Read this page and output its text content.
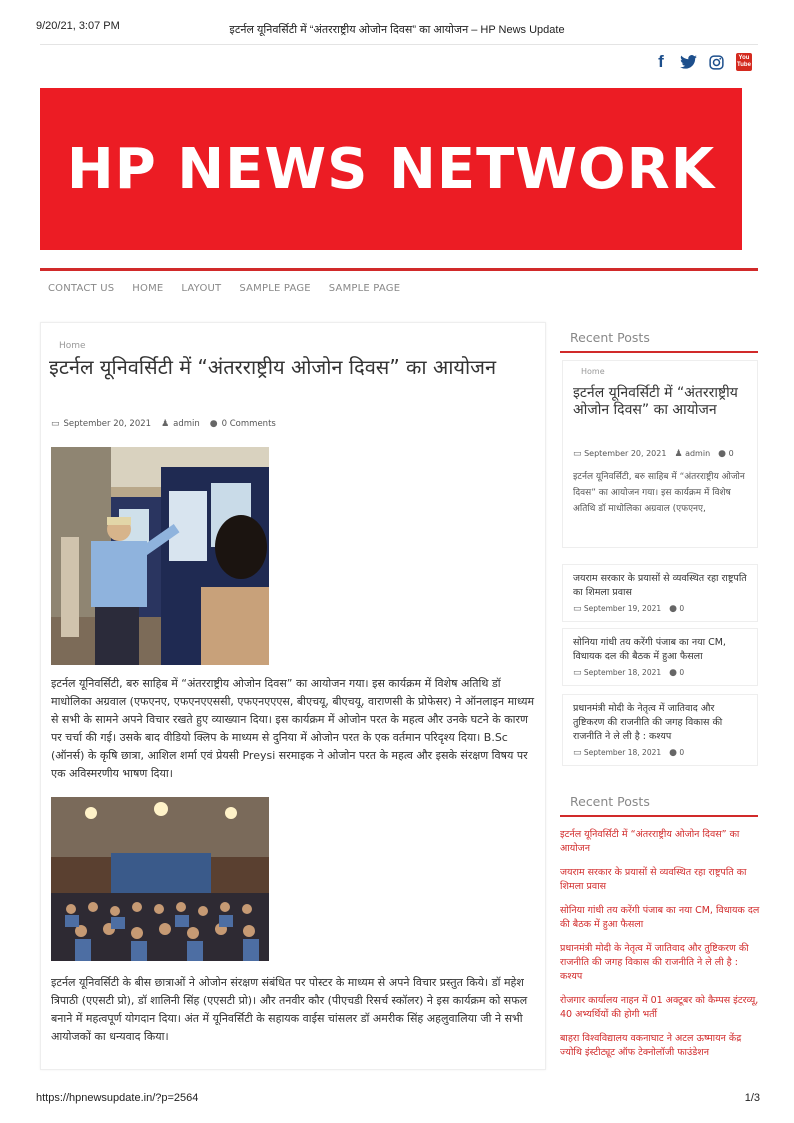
9/20/21, 3:07 PM	इटर्नल यूनिवर्सिटी में “अंतरराष्ट्रीय ओजोन दिवस” का आयोजन – HP News Update
f	You
Tube
HP NEWS NETWORK
CONTACT US HOME LAYOUT SAMPLE PAGE SAMPLE PAGE
Home
इटर्नल यूनिवर्सिटी में “अंतरराष्ट्रीय ओजोन दिवस” का आयोजन
▭ September 20, 2021 ♟ admin ● 0 Comments

इटर्नल यूनिवर्सिटी, बरु साहिब में “अंतरराष्ट्रीय ओजोन दिवस” का आयोजन गया। इस कार्यक्रम में विशेष अतिथि डॉ माधोलिका अग्रवाल (एफएनए, एफएनएएससी, एफएनएएएस, बीएचयू, बीएचयू, वाराणसी के प्रोफेसर) ने ऑनलाइन माध्यम से सभी के सामने अपने विचार रखते हुए व्याख्यान दिया। इस कार्यक्रम में ओजोन परत के महत्व और उनके घटने के कारण पर चर्चा की गई। उसके बाद वीडियो क्लिप के माध्यम से दुनिया में ओजोन परत के एक वर्तमान परिदृश्य दिया। B.Sc (ऑनर्स) के कृषि छात्रा, आशिल शर्मा एवं प्रेयसी Preysi सरमाइक ने ओजोन परत के महत्व और इसके संरक्षण विषय पर एक अविस्मरणीय भाषण दिया।

इटर्नल यूनिवर्सिटी के बीस छात्राओं ने ओजोन संरक्षण संबंधित पर पोस्टर के माध्यम से अपने विचार प्रस्तुत किये। डॉ महेश त्रिपाठी (एएसटी प्रो), डॉ शालिनी सिंह (एएसटी प्रो)। और तनवीर कौर (पीएचडी रिसर्च स्कॉलर) ने इस कार्यक्रम को सफल बनाने में महत्वपूर्ण योगदान दिया। अंत में यूनिवर्सिटी के सहायक वाईस चांसलर डॉ अमरीक सिंह अहलुवालिया जी ने सभी आयोजकों का धन्यवाद किया।

Recent Posts
Home
इटर्नल यूनिवर्सिटी में “अंतरराष्ट्रीय ओजोन दिवस” का आयोजन
▭ September 20, 2021 ♟ admin ● 0
इटर्नल यूनिवर्सिटी, बरु साहिब में “अंतरराष्ट्रीय ओजोन दिवस” का आयोजन गया। इस कार्यक्रम में विशेष अतिथि डॉ माधोलिका अग्रवाल (एफएनए,
जयराम सरकार के प्रयासों से व्यवस्थित रहा राष्ट्रपति का शिमला प्रवास
▭ September 19, 2021 ● 0
सोनिया गांधी तय करेंगी पंजाब का नया CM, विधायक दल की बैठक में हुआ फैसला
▭ September 18, 2021 ● 0
प्रधानमंत्री मोदी के नेतृत्व में जातिवाद और तुष्टिकरण की राजनीति की जगह विकास की राजनीति ने ले ली है : कश्यप
▭ September 18, 2021 ● 0
Recent Posts
इटर्नल यूनिवर्सिटी में “अंतरराष्ट्रीय ओजोन दिवस” का आयोजन
जयराम सरकार के प्रयासों से व्यवस्थित रहा राष्ट्रपति का शिमला प्रवास
सोनिया गांधी तय करेंगी पंजाब का नया CM, विधायक दल की बैठक में हुआ फैसला
प्रधानमंत्री मोदी के नेतृत्व में जातिवाद और तुष्टिकरण की राजनीति की जगह विकास की राजनीति ने ले ली है : कश्यप
रोजगार कार्यालय नाहन में 01 अक्टूबर को कैम्पस इंटरव्यू, 40 अभ्यर्थियों की होगी भर्ती
बाहरा विश्वविद्यालय वकनाघाट ने अटल ऊष्मायन केंद्र ज्योथि इंस्टीट्यूट ऑफ टेक्नोलॉजी फाउंडेशन
https://hpnewsupdate.in/?p=2564	1/3
